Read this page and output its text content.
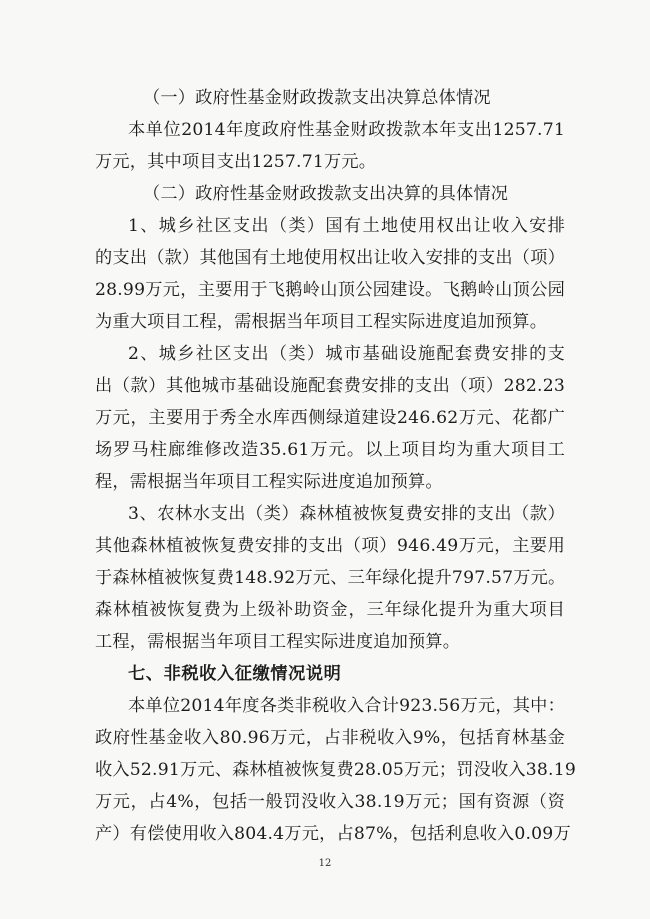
（一）政府性基金财政拨款支出决算总体情况
本单位2014年度政府性基金财政拨款本年支出1257.71
万元，其中项目支出1257.71万元。
（二）政府性基金财政拨款支出决算的具体情况
1、城乡社区支出（类）国有土地使用权出让收入安排
的支出（款）其他国有土地使用权出让收入安排的支出（项）
28.99万元，主要用于飞鹅岭山顶公园建设。飞鹅岭山顶公园
为重大项目工程，需根据当年项目工程实际进度追加预算。
2、城乡社区支出（类）城市基础设施配套费安排的支
出（款）其他城市基础设施配套费安排的支出（项）282.23
万元，主要用于秀全水库西侧绿道建设246.62万元、花都广
场罗马柱廊维修改造35.61万元。以上项目均为重大项目工
程，需根据当年项目工程实际进度追加预算。
3、农林水支出（类）森林植被恢复费安排的支出（款）
其他森林植被恢复费安排的支出（项）946.49万元，主要用
于森林植被恢复费148.92万元、三年绿化提升797.57万元。
森林植被恢复费为上级补助资金，三年绿化提升为重大项目
工程，需根据当年项目工程实际进度追加预算。
七、非税收入征缴情况说明
本单位2014年度各类非税收入合计923.56万元，其中：
政府性基金收入80.96万元，占非税收入9%，包括育林基金
收入52.91万元、森林植被恢复费28.05万元；罚没收入38.19
万元，占4%，包括一般罚没收入38.19万元；国有资源（资
产）有偿使用收入804.4万元，占87%，包括利息收入0.09万
12
